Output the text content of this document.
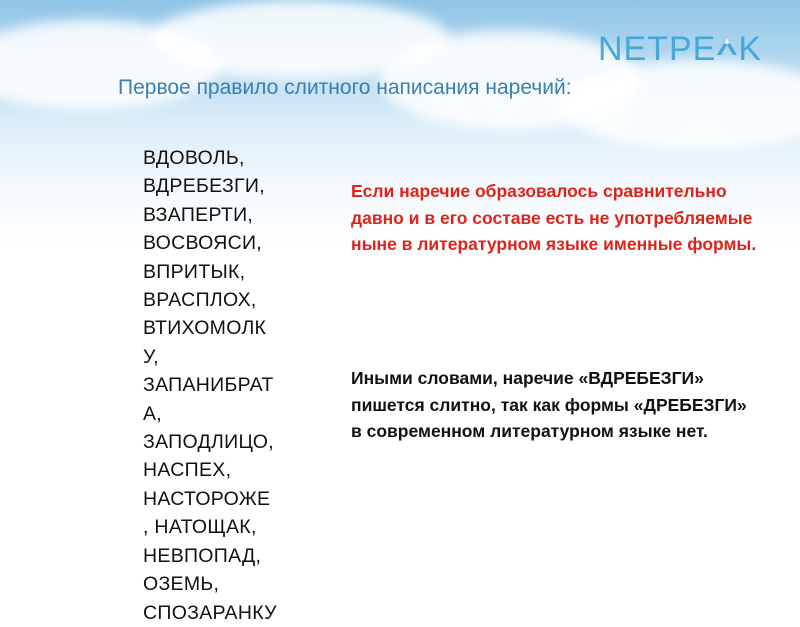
NETPE K
Первое правило слитного написания наречий:
ВДОВОЛЬ,
ВДРЕБЕЗГИ,
ВЗАПЕРТИ,
ВОСВОЯСИ,
ВПРИТЫК,
ВРАСПЛОХ,
ВТИХОМОЛК
У,
ЗАПАНИБРАТ
А,
ЗАПОДЛИЦО,
НАСПЕХ,
НАСТОРОЖЕ
, НАТОЩАК,
НЕВПОПАД,
ОЗЕМЬ,
СПОЗАРАНКУ
Если наречие образовалось сравнительно давно и в его составе есть не употребляемые ныне в литературном языке именные формы.
Иными словами, наречие «ВДРЕБЕЗГИ» пишется слитно, так как формы «ДРЕБЕЗГИ» в современном литературном языке нет.
